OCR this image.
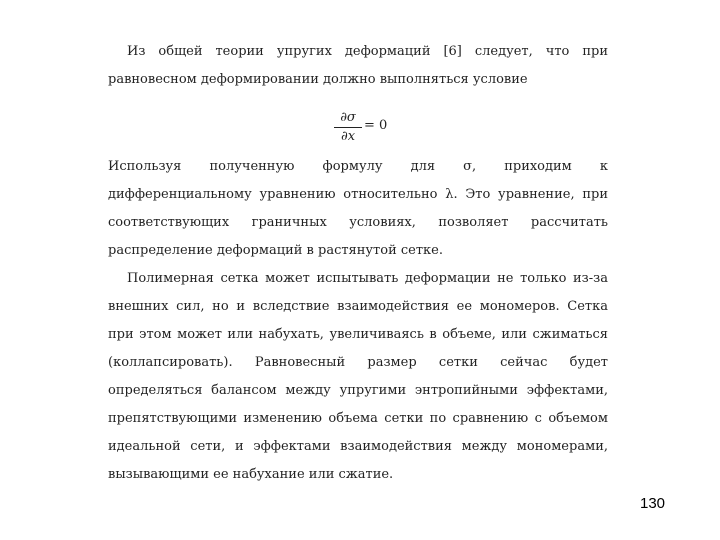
Из общей теории упругих деформаций [6] следует, что при равновесном деформировании должно выполняться условие

∂σ
∂x
= 0

Используя полученную формулу для σ, приходим к дифференциальному уравнению относительно λ. Это уравнение, при соответствующих граничных условиях, позволяет рассчитать распределение деформаций в растянутой сетке.

Полимерная сетка может испытывать деформации не только из-за внешних сил, но и вследствие взаимодействия ее мономеров. Сетка при этом может или набухать, увеличиваясь в объеме, или сжиматься (коллапсировать). Равновесный размер сетки сейчас будет определяться балансом между упругими энтропийными эффектами, препятствующими изменению объема сетки по сравнению с объемом идеальной сети, и эффектами взаимодействия между мономерами, вызывающими ее набухание или сжатие.

130
